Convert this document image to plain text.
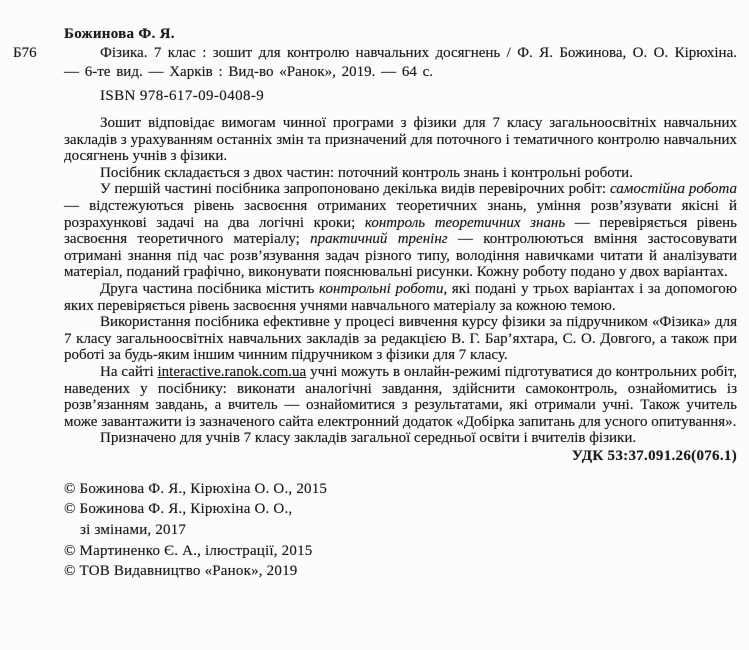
Божинова Ф. Я.

Б76	Фізика. 7 клас : зошит для контролю навчальних досягнень / Ф. Я. Божинова, О. О. Кірюхіна. — 6-те вид. — Харків : Вид-во «Ранок», 2019. — 64 с.

ISBN 978-617-09-0408-9

Зошит відповідає вимогам чинної програми з фізики для 7 класу загальноосвітніх навчальних закладів з урахуванням останніх змін та призначений для поточного і тематичного контролю навчальних досягнень учнів з фізики.

Посібник складається з двох частин: поточний контроль знань і контрольні роботи.

У першій частині посібника запропоновано декілька видів перевірочних робіт: самостійна робота — відстежуються рівень засвоєння отриманих теоретичних знань, уміння розв’язувати якісні й розрахункові задачі на два логічні кроки; контроль теоретичних знань — перевіряється рівень засвоєння теоретичного матеріалу; практичний тренінг — контролюються вміння застосовувати отримані знання під час розв’язування задач різного типу, володіння навичками читати й аналізувати матеріал, поданий графічно, виконувати пояснювальні рисунки. Кожну роботу подано у двох варіантах.

Друга частина посібника містить контрольні роботи, які подані у трьох варіантах і за допомогою яких перевіряється рівень засвоєння учнями навчального матеріалу за кожною темою.

Використання посібника ефективне у процесі вивчення курсу фізики за підручником «Фізика» для 7 класу загальноосвітніх навчальних закладів за редакцією В. Г. Бар’яхтара, С. О. Довгого, а також при роботі за будь-яким іншим чинним підручником з фізики для 7 класу.

На сайті interactive.ranok.com.ua учні можуть в онлайн-режимі підготуватися до контрольних робіт, наведених у посібнику: виконати аналогічні завдання, здійснити самоконтроль, ознайомитись із розв’язанням завдань, а вчитель — ознайомитися з результатами, які отримали учні. Також учитель може завантажити із зазначеного сайта електронний додаток «Добірка запитань для усного опитування».

Призначено для учнів 7 класу закладів загальної середньої освіти і вчителів фізики.

УДК 53:37.091.26(076.1)

© Божинова Ф. Я., Кірюхіна О. О., 2015

© Божинова Ф. Я., Кірюхіна О. О.,

зі змінами, 2017

© Мартиненко Є. А., ілюстрації, 2015

© ТОВ Видавництво «Ранок», 2019
